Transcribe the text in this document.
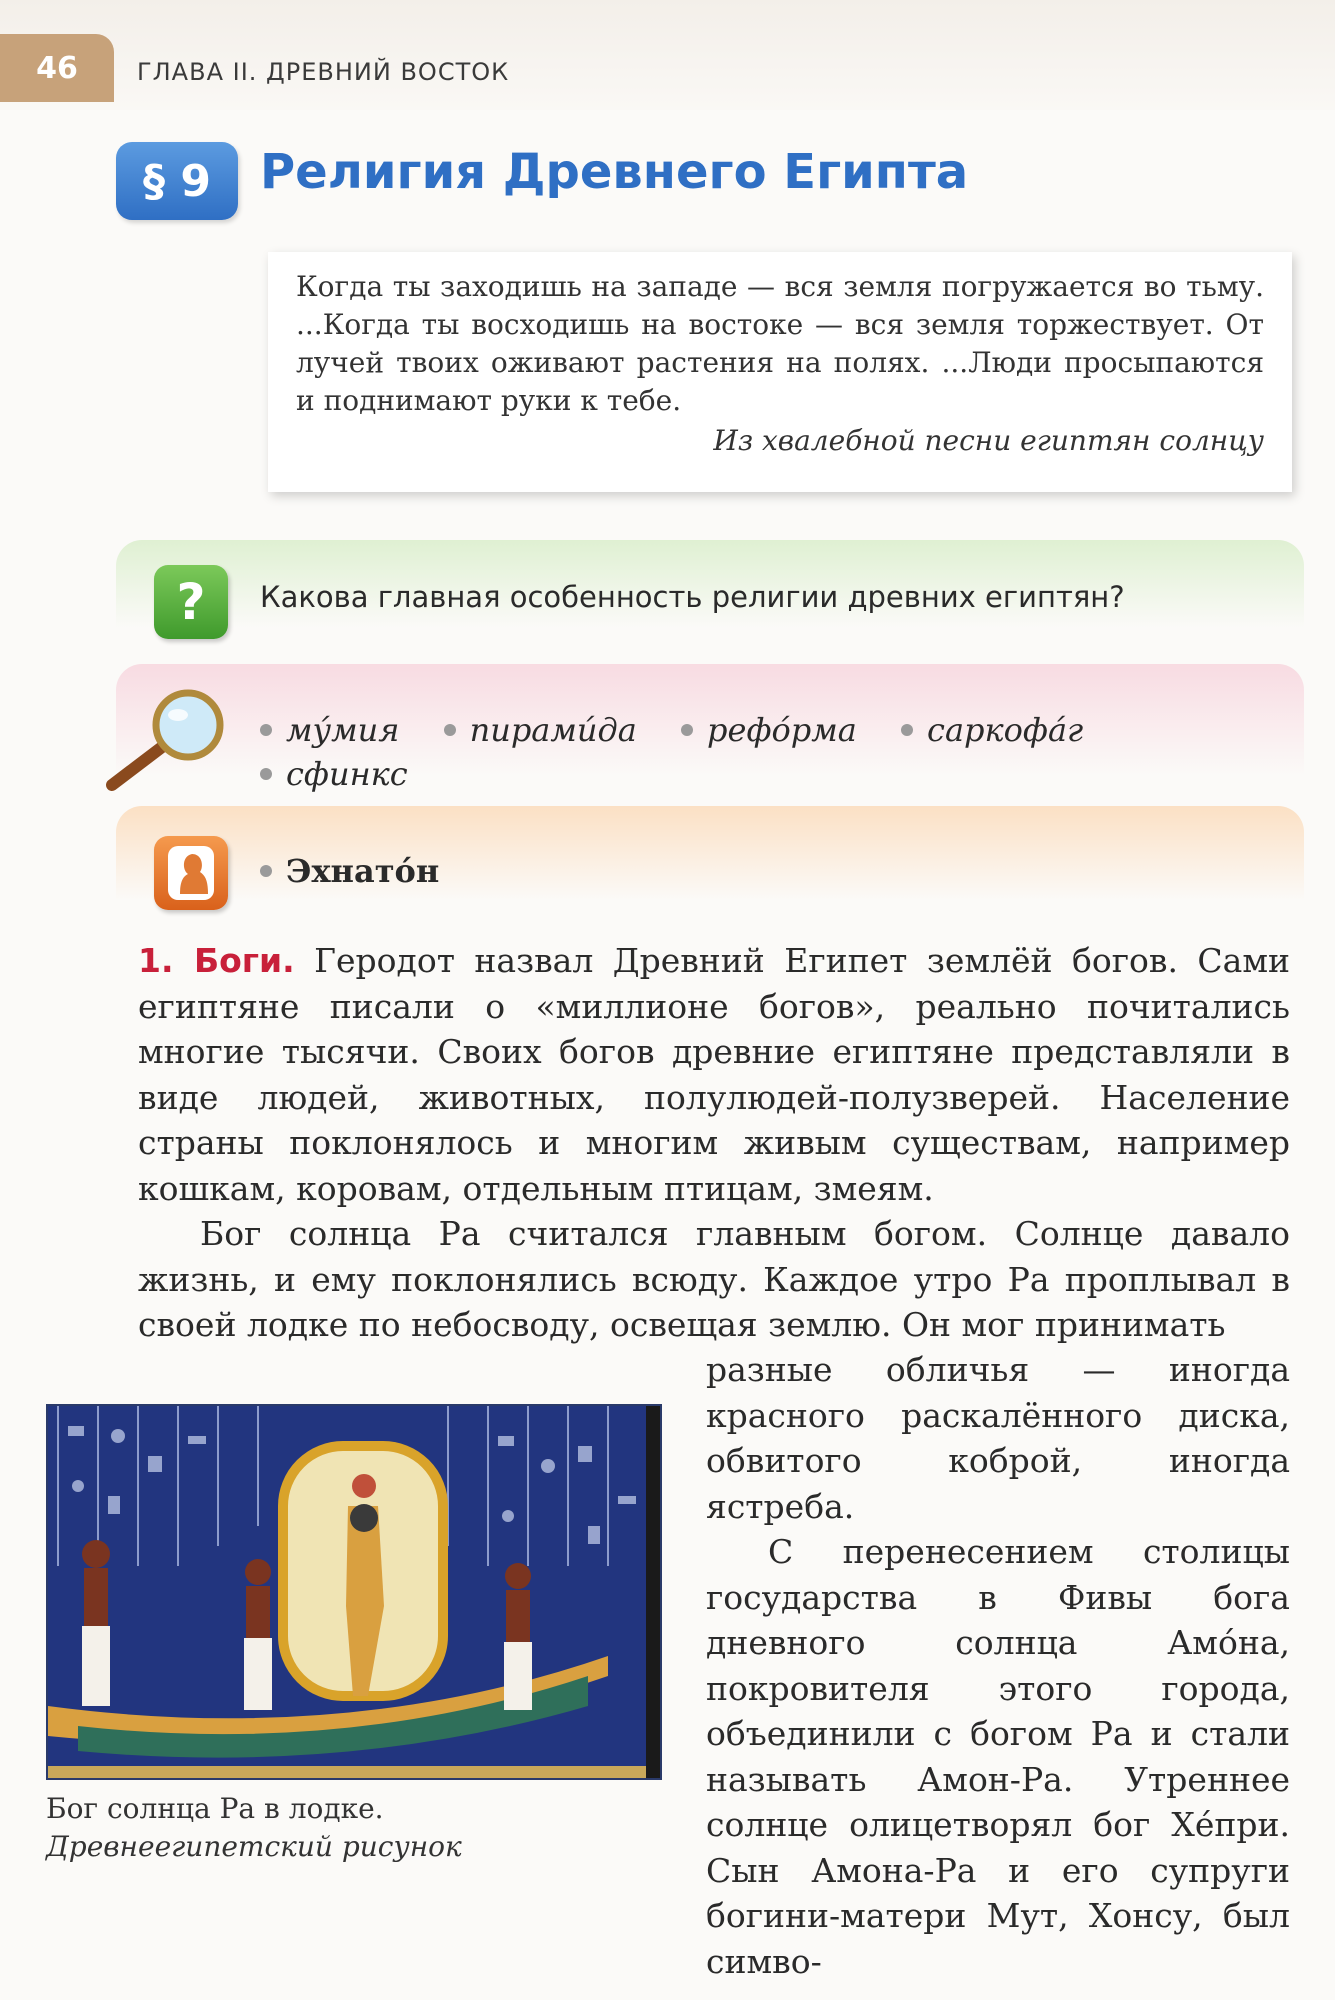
46	ГЛАВА II. ДРЕВНИЙ ВОСТОК
§ 9	Религия Древнего Египта

Когда ты заходишь на западе — вся земля погружается во тьму. ...Когда ты восходишь на востоке — вся земля торжествует. От лучей твоих оживают растения на полях. ...Люди просыпаются и поднимают руки к тебе.

Из хвалебной песни египтян солнцу

?	Какова главная особенность религии древних египтян?
му́мия пирами́да рефо́рма саркофа́г
сфинкс
Эхнато́н

1. Боги. Геродот назвал Древний Египет землёй богов. Сами египтяне писали о «миллионе богов», реально почитались многие тысячи. Своих богов древние египтяне представляли в виде людей, животных, полулюдей-полузверей. Население страны поклонялось и многим живым существам, например кошкам, коровам, отдельным птицам, змеям.

Бог солнца Ра считался главным богом. Солнце давало жизнь, и ему поклонялись всюду. Каждое утро Ра проплывал в своей лодке по небосводу, освещая землю. Он мог принимать

разные обличья — иногда красного раскалённого диска, обвитого коброй, иногда ястреба.

С перенесением столицы государства в Фивы бога дневного солнца Амо́на, покровителя этого города, объединили с богом Ра и стали называть Амон-Ра. Утреннее солнце олицетворял бог Хе́при. Сын Амона-Ра и его супруги богини-матери Мут, Хонсу, был симво-

Бог солнца Ра в лодке.
Древнеегипетский рисунок
